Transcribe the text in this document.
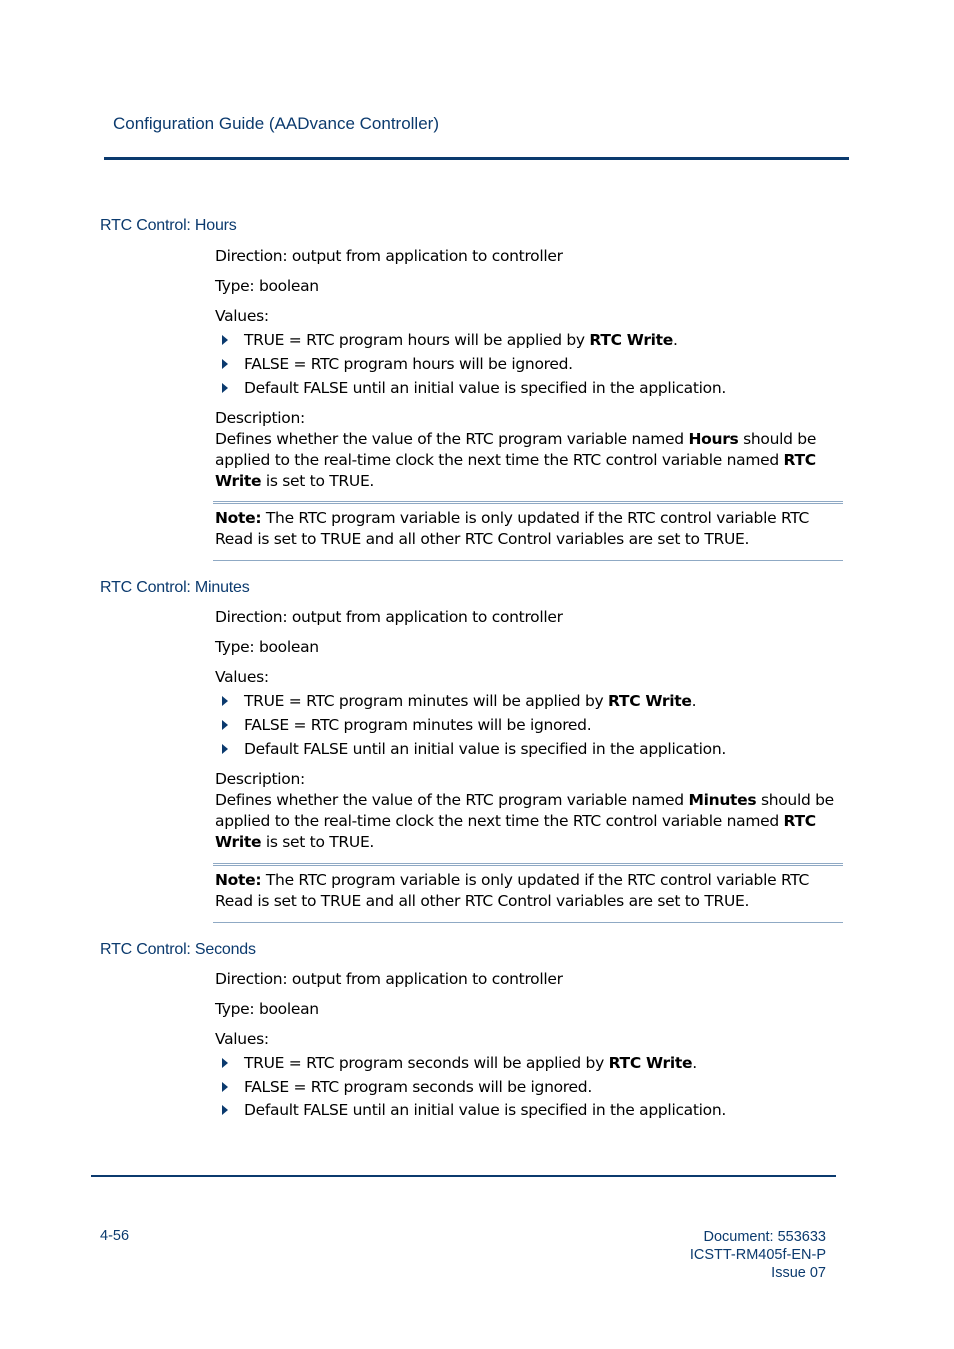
Configuration Guide (AADvance Controller)
RTC Control: Hours
Direction: output from application to controller
Type: boolean
Values:
TRUE = RTC program hours will be applied by RTC Write.
FALSE = RTC program hours will be ignored.
Default FALSE until an initial value is specified in the application.
Description:
Defines whether the value of the RTC program variable named Hours should be
applied to the real-time clock the next time the RTC control variable named RTC
Write is set to TRUE.
Note: The RTC program variable is only updated if the RTC control variable RTC
Read is set to TRUE and all other RTC Control variables are set to TRUE.
RTC Control: Minutes
Direction: output from application to controller
Type: boolean
Values:
TRUE = RTC program minutes will be applied by RTC Write.
FALSE = RTC program minutes will be ignored.
Default FALSE until an initial value is specified in the application.
Description:
Defines whether the value of the RTC program variable named Minutes should be
applied to the real-time clock the next time the RTC control variable named RTC
Write is set to TRUE.
Note: The RTC program variable is only updated if the RTC control variable RTC
Read is set to TRUE and all other RTC Control variables are set to TRUE.
RTC Control: Seconds
Direction: output from application to controller
Type: boolean
Values:
TRUE = RTC program seconds will be applied by RTC Write.
FALSE = RTC program seconds will be ignored.
Default FALSE until an initial value is specified in the application.
4-56	Document: 553633
ICSTT-RM405f-EN-P
Issue 07
